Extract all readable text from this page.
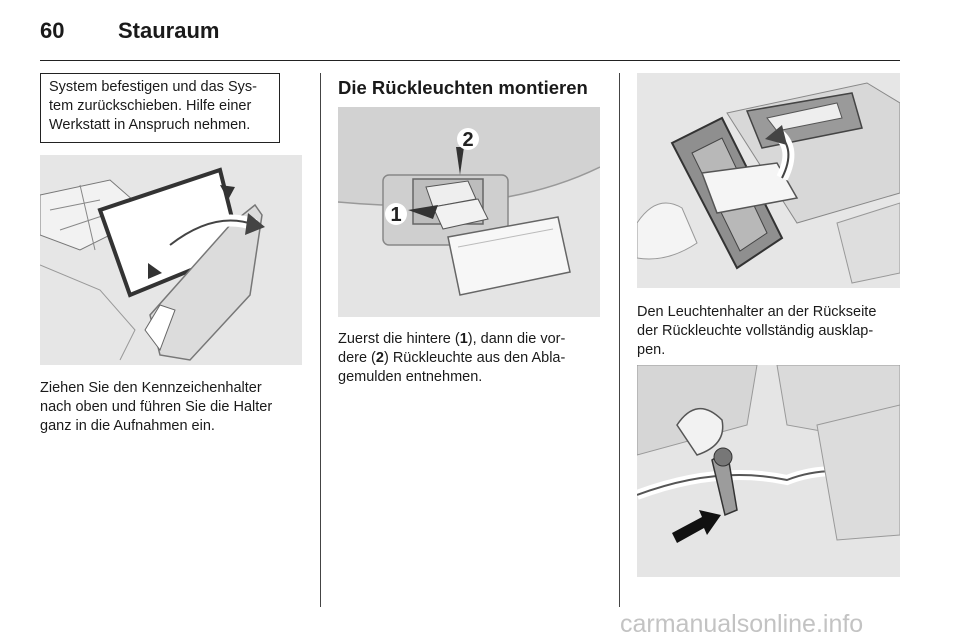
60 Stauraum
System befestigen und das Sys-
tem zurückschieben. Hilfe einer
Werkstatt in Anspruch nehmen.
Ziehen Sie den Kennzeichenhalter
nach oben und führen Sie die Halter
ganz in die Aufnahmen ein.
Die Rückleuchten montieren
1
2
Zuerst die hintere (1), dann die vor-
dere (2) Rückleuchte aus den Abla-
gemulden entnehmen.
Den Leuchtenhalter an der Rückseite
der Rückleuchte vollständig ausklap-
pen.
carmanualsonline.info
